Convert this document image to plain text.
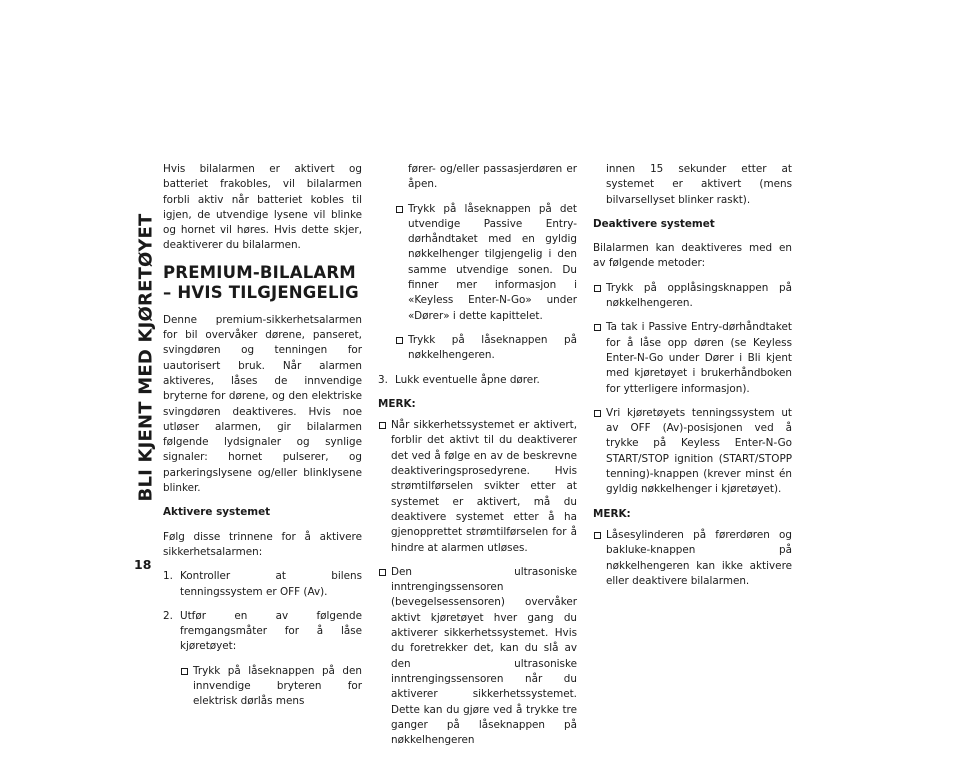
BLI KJENT MED KJØRETØYET
18

Hvis bilalarmen er aktivert og batteriet frakobles, vil bilalarmen forbli aktiv når batteriet kobles til igjen, de utvendige lysene vil blinke og hornet vil høres. Hvis dette skjer, deaktiverer du bilalarmen.

PREMIUM-BILALARM – HVIS TILGJENGELIG

Denne premium-sikkerhetsalarmen for bil overvåker dørene, panseret, svingdøren og tenningen for uautorisert bruk. Når alarmen aktiveres, låses de innvendige bryterne for dørene, og den elektriske svingdøren deaktiveres. Hvis noe utløser alarmen, gir bilalarmen følgende lydsignaler og synlige signaler: hornet pulserer, og parkeringslysene og/eller blinklysene blinker.

Aktivere systemet

Følg disse trinnene for å aktivere sikkerhetsalarmen:

1. Kontroller at bilens tenningssystem er OFF (Av).
2. Utfør en av følgende fremgangsmåter for å låse kjøretøyet:
Trykk på låseknappen på den innvendige bryteren for elektrisk dørlås mens
fører- og/eller passasjerdøren er åpen.
Trykk på låseknappen på det utvendige Passive Entry-dørhåndtaket med en gyldig nøkkelhenger tilgjengelig i den samme utvendige sonen. Du finner mer informasjon i «Keyless Enter-N-Go» under «Dører» i dette kapittelet.
Trykk på låseknappen på nøkkelhengeren.
3. Lukk eventuelle åpne dører.
MERK:
Når sikkerhetssystemet er aktivert, forblir det aktivt til du deaktiverer det ved å følge en av de beskrevne deaktiveringsprosedyrene. Hvis strømtilførselen svikter etter at systemet er aktivert, må du deaktivere systemet etter å ha gjenopprettet strømtilførselen for å hindre at alarmen utløses.
Den ultrasoniske inntrengingssensoren (bevegelsessensoren) overvåker aktivt kjøretøyet hver gang du aktiverer sikkerhetssystemet. Hvis du foretrekker det, kan du slå av den ultrasoniske inntrengingssensoren når du aktiverer sikkerhetssystemet. Dette kan du gjøre ved å trykke tre ganger på låseknappen på nøkkelhengeren

innen 15 sekunder etter at systemet er aktivert (mens bilvarsellyset blinker raskt).

Deaktivere systemet

Bilalarmen kan deaktiveres med en av følgende metoder:

Trykk på opplåsingsknappen på nøkkelhengeren.
Ta tak i Passive Entry-dørhåndtaket for å låse opp døren (se Keyless Enter-N-Go under Dører i Bli kjent med kjøretøyet i brukerhåndboken for ytterligere informasjon).
Vri kjøretøyets tenningssystem ut av OFF (Av)-posisjonen ved å trykke på Keyless Enter-N-Go START/STOP ignition (START/STOPP tenning)-knappen (krever minst én gyldig nøkkelhenger i kjøretøyet).
MERK:
Låsesylinderen på førerdøren og bakluke-knappen på nøkkelhengeren kan ikke aktivere eller deaktivere bilalarmen.
